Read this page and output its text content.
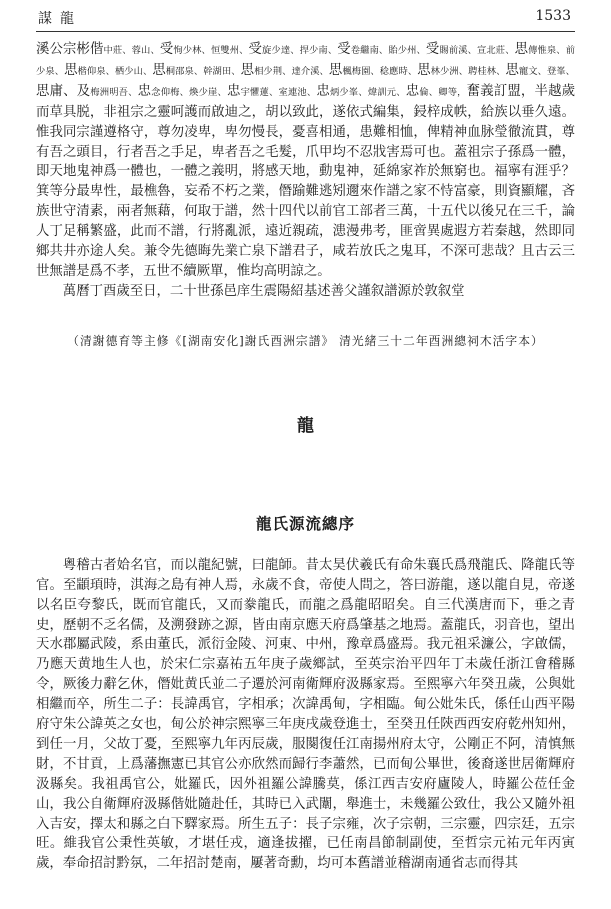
謀龍	1533

溪公宗彬偕中莊、蓉山、受恂少林、恒雙州、受旋少達、捍少南、受卷繼南、貽少州、受賜前溪、宣北莊、思傳惟泉、前少泉、思楷仰泉、栖少山、思桐邵泉、幹湖田、思相少荆、達介溪、思楓梅園、稔應時、思林少洲、聘桂林、思寵文、登峯、思庸、及梅洲明吾、忠念仰梅、煥少崖、忠宇懼蓮、室連池、忠炳少峯、煒訓元、忠倫、卿等，奮義訂盟，半越歲而草具脱，非祖宗之靈呵護而啟迪之，胡以致此，遂依式編集，鋟梓成帙，給族以垂久遠。惟我同宗謹遵格守，尊勿凌卑，卑勿慢長，憂喜相通，患難相恤，俾精神血脉瑩徹流貫，尊有吾之頭目，行者吾之手足，卑者吾之毛髮，爪甲均不忍戕害焉可也。蓋祖宗子孫爲一體，即天地鬼神爲一體也，一體之義明，將感天地，動鬼神，延綿家祚於無窮也。福寧有涯乎？箕等分最卑性，最樵魯，妄希不朽之業，僭踰難逃矧邇來作譜之家不恃富豪，則資顯耀，吝族世守清素，兩者無藉，何取于譜，然十四代以前官工部者三萬，十五代以後兄在三千，論人丁足稱繁盛，此而不譜，行將亂派，遠近親疏，漶漫弗考，匪啻異處遐方若秦越，然即同鄉共井亦途人矣。兼令先德晦先業亡泉下譜君子，咸若放氏之鬼耳，不深可悲哉？且古云三世無譜是爲不孝，五世不續厥單，惟均高明諒之。

萬曆丁酉歲至日，二十世孫邑庠生震陽紹基述善父謹叙譜源於敦叙堂

（清謝德育等主修《[湖南安化]謝氏酉洲宗譜》 清光緒三十二年酉洲總祠木活字本）

龍
龍氏源流總序

粵稽古者姶名官，而以龍紀號，曰龍師。昔太昊伏羲氏有命朱襄氏爲飛龍氏、降龍氏等官。至顓頊時，淇海之島有神人焉，永歲不食，帝使人問之，答曰游龍，遂以龍自見，帝遂以名臣夸黎氏，既而官龍氏，又而豢龍氏，而龍之爲龍昭昭矣。自三代漢唐而下，垂之青史，歷朝不乏名儒，及溯發跡之源，皆由南京應天府爲肇基之地焉。蓋龍氏，羽音也，望出天水郡屬武陵，系由董氏，派衍金陵、河東、中州，豫章爲盛焉。我元祖采濂公，字啟儒，乃應天黄地生人也，於宋仁宗嘉祐五年庚子歲鄉試，至英宗治平四年丁未歲任浙江會稽縣令，厥後力辭乞休，僭妣黄氏並二子遷於河南衛輝府汲縣家焉。至熙寧六年癸丑歲，公與妣相繼而卒，所生二子：長諱禹官，字相承；次諱禹甸，字相臨。甸公妣朱氏，係任山西平陽府守朱公諱英之女也，甸公於神宗熙寧三年庚戌歲登進士，至癸丑任陝西西安府乾州知州，到任一月，父故丁憂，至熙寧九年丙辰歲，服闋復任江南揚州府太守，公剛正不阿，清慎無財，不甘貢，上爲藩撫憲已其官公亦欣然而歸行李蕭然，已而甸公畢世，後裔遂世居衛輝府汲縣矣。我祖禹官公，妣羅氏，因外祖羅公諱騰莫，係江西吉安府廬陵人，時羅公莅任金山，我公自衛輝府汲縣偕妣隨赴任，其時已入武闈，舉進士，未幾羅公致仕，我公又隨外祖入吉安，擇太和縣之白下驛家焉。所生五子：長子宗雍，次子宗朝，三宗靈，四宗廷，五宗旺。維我官公秉性英敏，才堪任戎，適逢拔擢，已任南昌節制副使，至哲宗元祐元年丙寅歲，奉命招討黔氛，二年招討楚南，屢著奇勳，均可本舊譜並稽湖南通省志而得其
